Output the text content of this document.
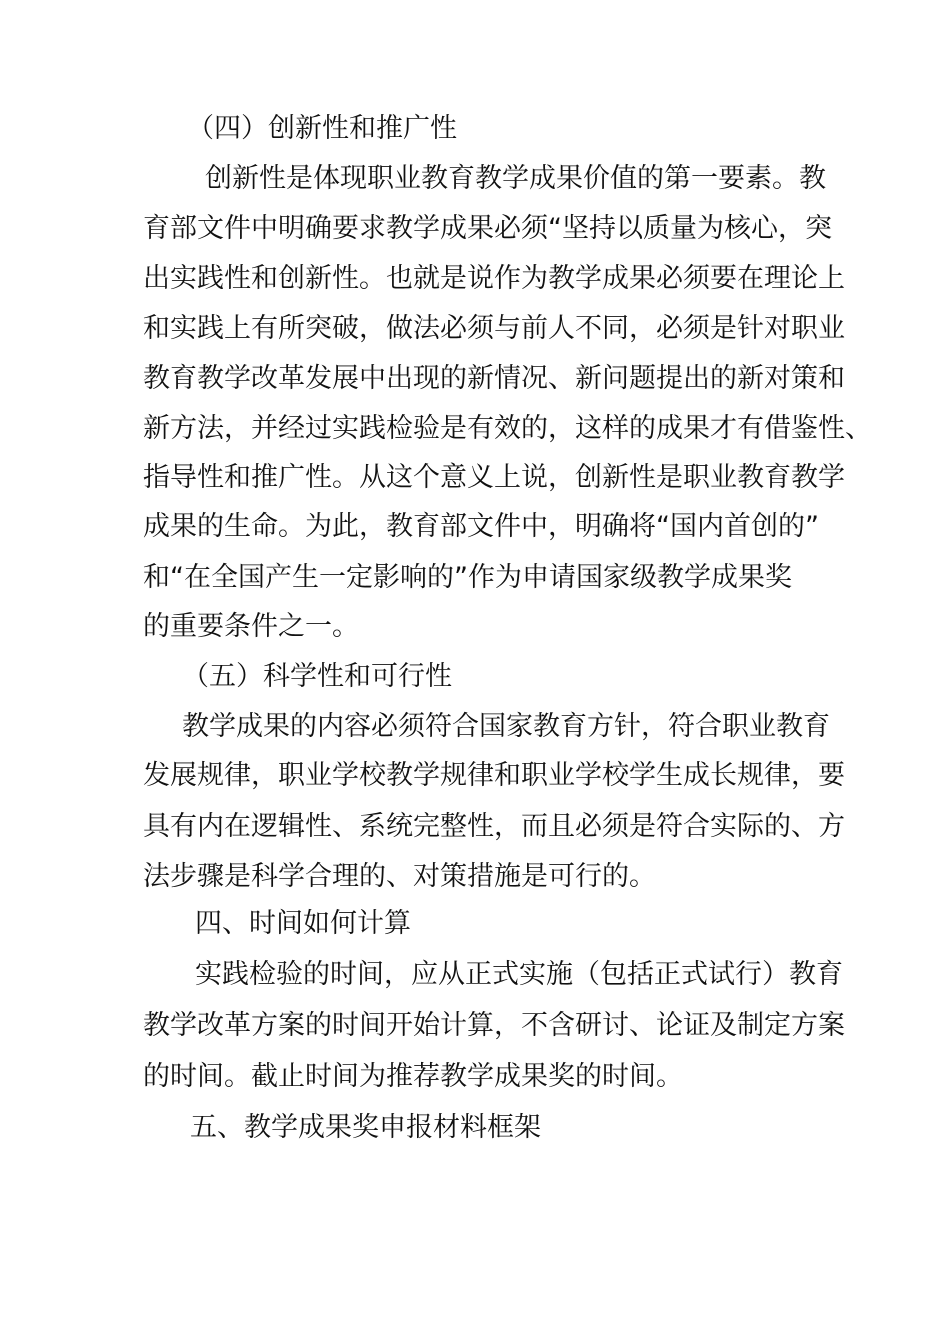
（四）创新性和推广性
创新性是体现职业教育教学成果价值的第一要素。教
育部文件中明确要求教学成果必须“坚持以质量为核心，突
出实践性和创新性。也就是说作为教学成果必须要在理论上
和实践上有所突破，做法必须与前人不同，必须是针对职业
教育教学改革发展中出现的新情况、新问题提出的新对策和
新方法，并经过实践检验是有效的，这样的成果才有借鉴性、
指导性和推广性。从这个意义上说，创新性是职业教育教学
成果的生命。为此，教育部文件中，明确将“国内首创的”
和“在全国产生一定影响的”作为申请国家级教学成果奖
的重要条件之一。
（五）科学性和可行性
教学成果的内容必须符合国家教育方针，符合职业教育
发展规律，职业学校教学规律和职业学校学生成长规律，要
具有内在逻辑性、系统完整性，而且必须是符合实际的、方
法步骤是科学合理的、对策措施是可行的。
四、时间如何计算
实践检验的时间，应从正式实施（包括正式试行）教育
教学改革方案的时间开始计算，不含研讨、论证及制定方案
的时间。截止时间为推荐教学成果奖的时间。
五、教学成果奖申报材料框架
